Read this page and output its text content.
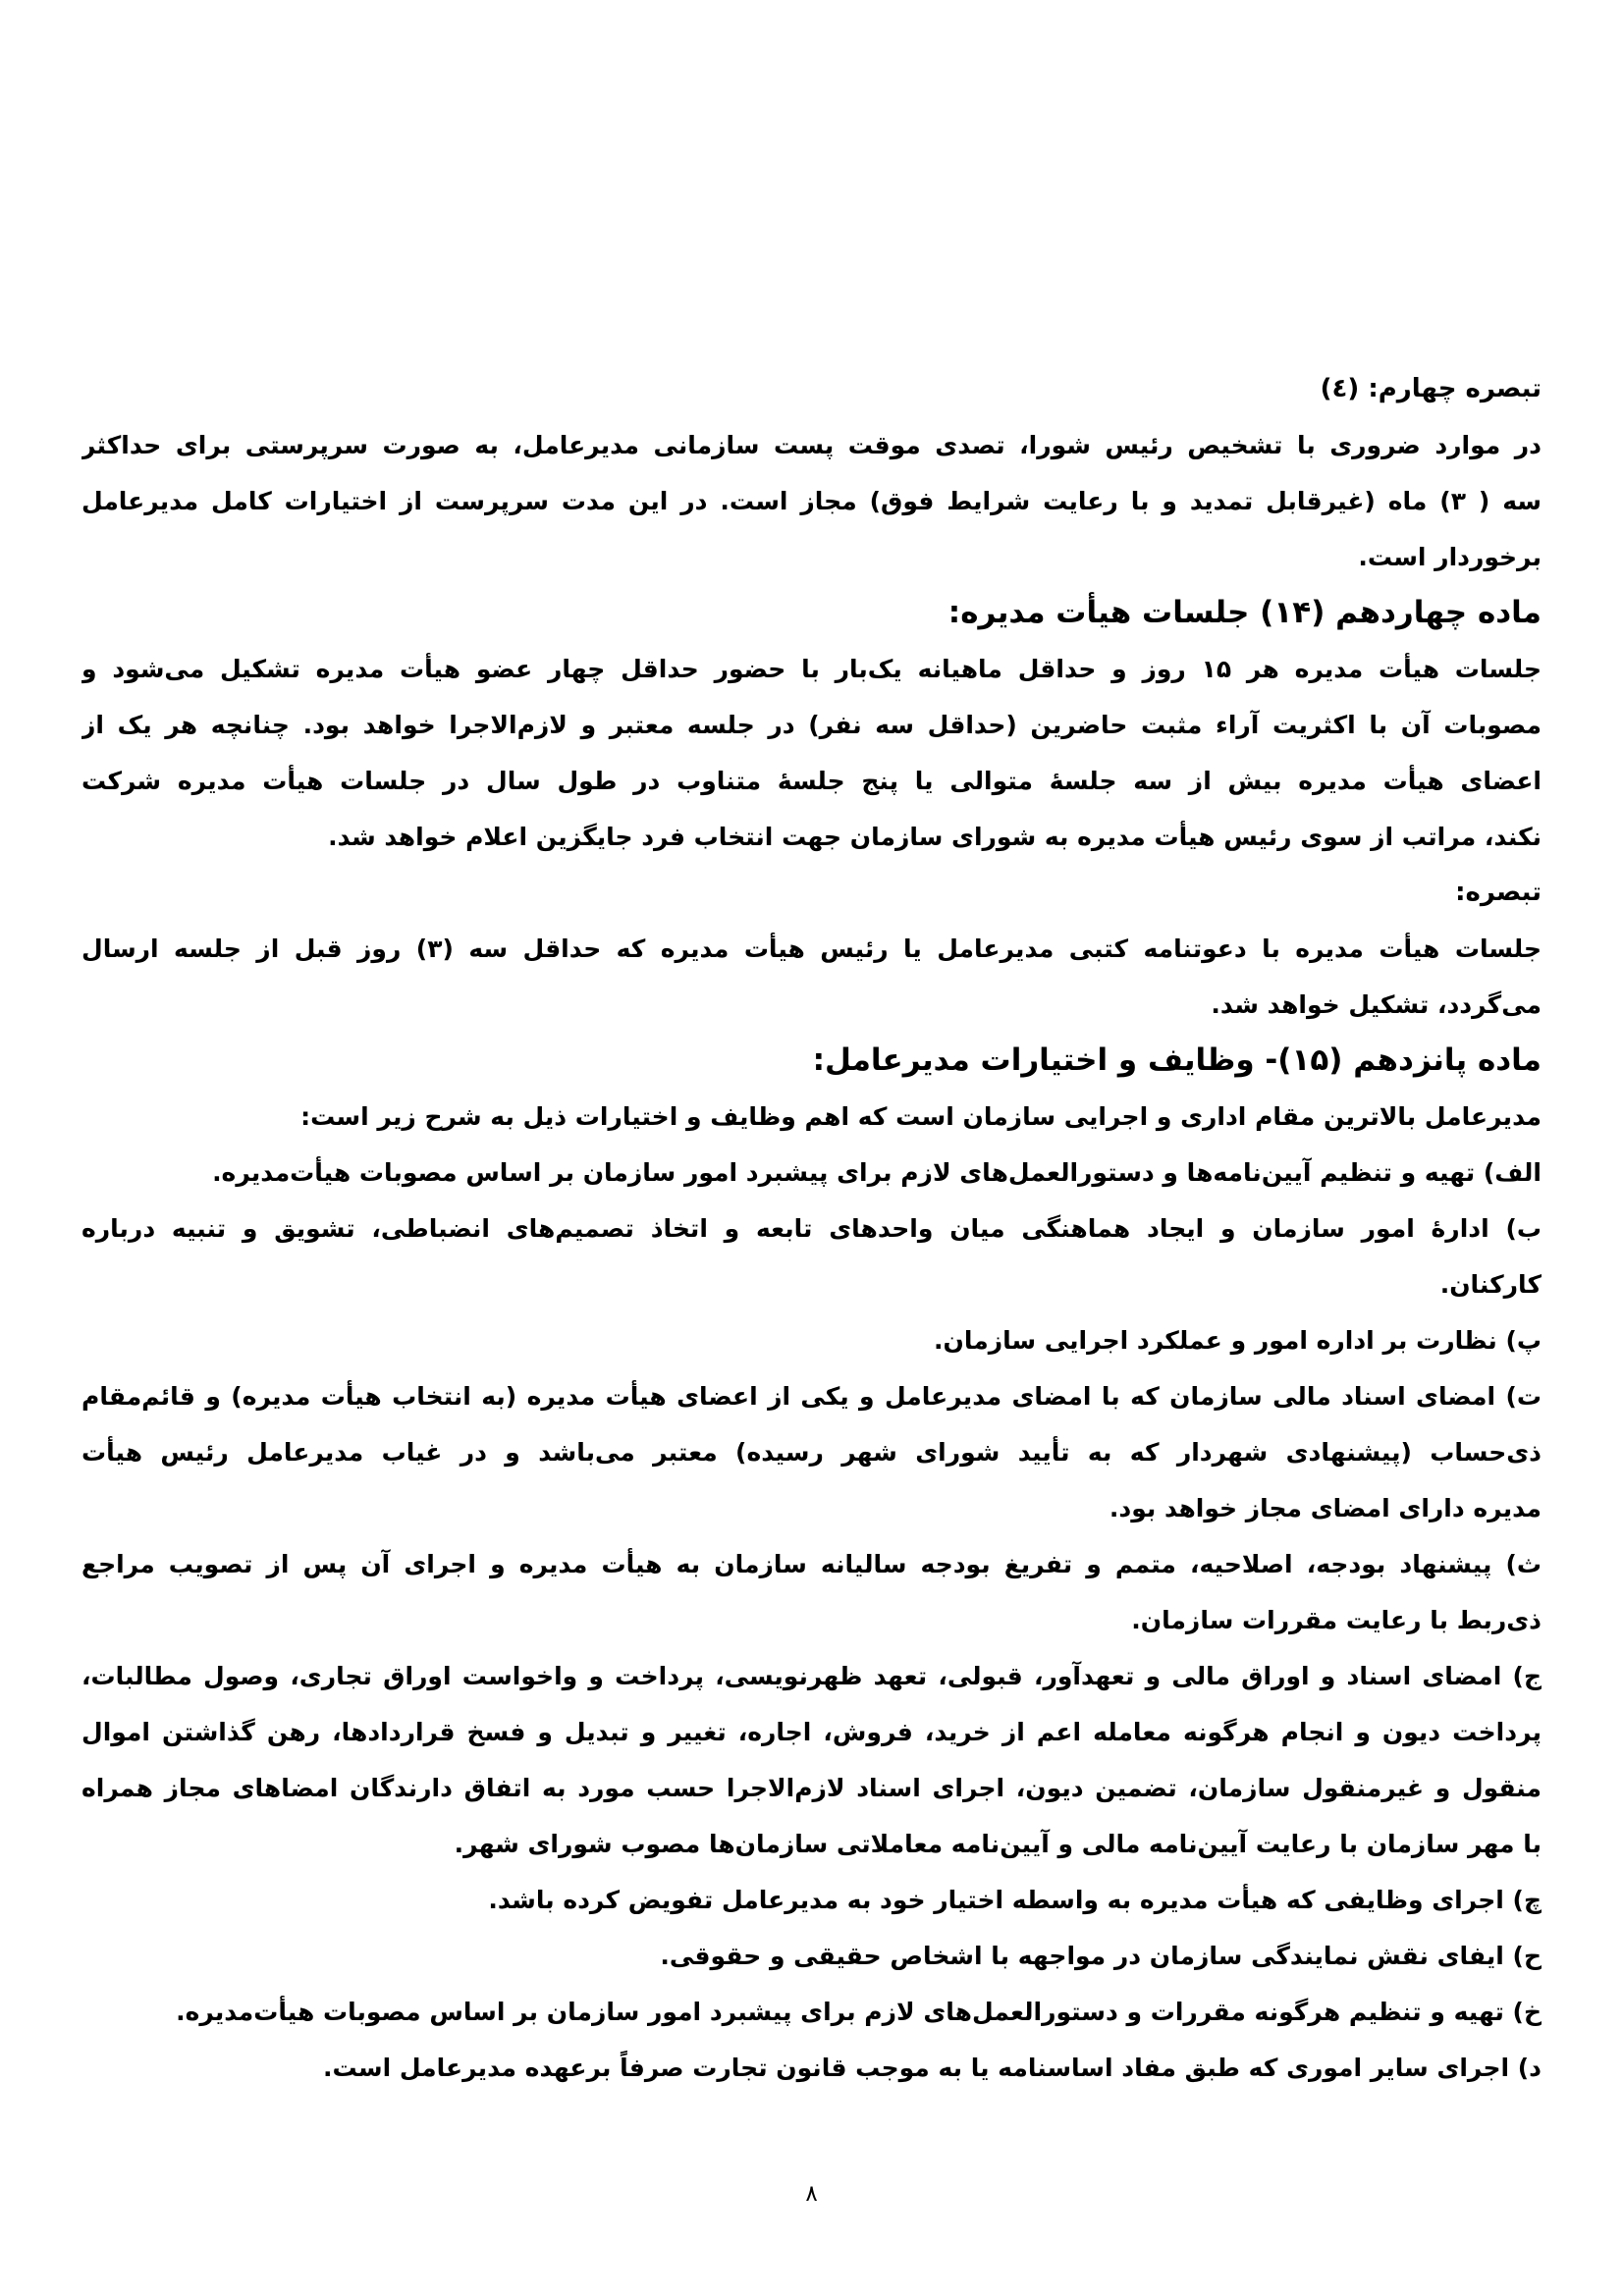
تبصره چهارم: (٤)
در موارد ضروری با تشخیص رئیس شورا، تصدی موقت پست سازمانی مدیرعامل، به صورت سرپرستی برای حداکثر
سه ( ۳) ماه (غیرقابل تمدید و با رعایت شرایط فوق) مجاز است. در این مدت سرپرست از اختیارات کامل مدیرعامل
برخوردار است.
ماده چهاردهم (۱۴) جلسات هیأت مدیره:
جلسات هیأت مدیره هر ۱۵ روز و حداقل ماهیانه یک‌بار با حضور حداقل چهار عضو هیأت مدیره تشکیل می‌شود و
مصوبات آن با اکثریت آراء مثبت حاضرین (حداقل سه نفر) در جلسه معتبر و لازم‌الاجرا خواهد بود. چنانچه هر یک از
اعضای هیأت مدیره بیش از سه جلسهٔ متوالی یا پنج جلسهٔ متناوب در طول سال در جلسات هیأت مدیره شرکت
نکند، مراتب از سوی رئیس هیأت مدیره به شورای سازمان جهت انتخاب فرد جایگزین اعلام خواهد شد.
تبصره:
جلسات هیأت مدیره با دعوتنامه کتبی مدیرعامل یا رئیس هیأت مدیره که حداقل سه (۳) روز قبل از جلسه ارسال
می‌گردد، تشکیل خواهد شد.
ماده پانزدهم (۱۵)- وظایف و اختیارات مدیرعامل:
مدیرعامل بالاترین مقام اداری و اجرایی سازمان است که اهم وظایف و اختیارات ذیل به شرح زیر است:
الف) تهیه و تنظیم آیین‌نامه‌ها و دستورالعمل‌های لازم برای پیشبرد امور سازمان بر اساس مصوبات هیأت‌مدیره.
ب) ادارهٔ امور سازمان و ایجاد هماهنگی میان واحدهای تابعه و اتخاذ تصمیم‌های انضباطی، تشویق و تنبیه درباره
کارکنان.
پ) نظارت بر اداره امور و عملکرد اجرایی سازمان.
ت) امضای اسناد مالی سازمان که با امضای مدیرعامل و یکی از اعضای هیأت مدیره (به انتخاب هیأت مدیره) و قائم‌مقام
ذی‌حساب (پیشنهادی شهردار که به تأیید شورای شهر رسیده) معتبر می‌باشد و در غیاب مدیرعامل رئیس هیأت
مدیره دارای امضای مجاز خواهد بود.
ث) پیشنهاد بودجه، اصلاحیه، متمم و تفریغ بودجه سالیانه سازمان به هیأت مدیره و اجرای آن پس از تصویب مراجع
ذی‌ربط با رعایت مقررات سازمان.
ج) امضای اسناد و اوراق مالی و تعهدآور، قبولی، تعهد ظهرنویسی، پرداخت و واخواست اوراق تجاری، وصول مطالبات،
پرداخت دیون و انجام هرگونه معامله اعم از خرید، فروش، اجاره، تغییر و تبدیل و فسخ قراردادها، رهن گذاشتن اموال
منقول و غیرمنقول سازمان، تضمین دیون، اجرای اسناد لازم‌الاجرا حسب مورد به اتفاق دارندگان امضاهای مجاز همراه
با مهر سازمان با رعایت آیین‌نامه مالی و آیین‌نامه معاملاتی سازمان‌ها مصوب شورای شهر.
چ) اجرای وظایفی که هیأت مدیره به واسطه اختیار خود به مدیرعامل تفویض کرده باشد.
ح) ایفای نقش نمایندگی سازمان در مواجهه با اشخاص حقیقی و حقوقی.
خ) تهیه و تنظیم هرگونه مقررات و دستورالعمل‌های لازم برای پیشبرد امور سازمان بر اساس مصوبات هیأت‌مدیره.
د) اجرای سایر اموری که طبق مفاد اساسنامه یا به موجب قانون تجارت صرفاً برعهده مدیرعامل است.
۸
